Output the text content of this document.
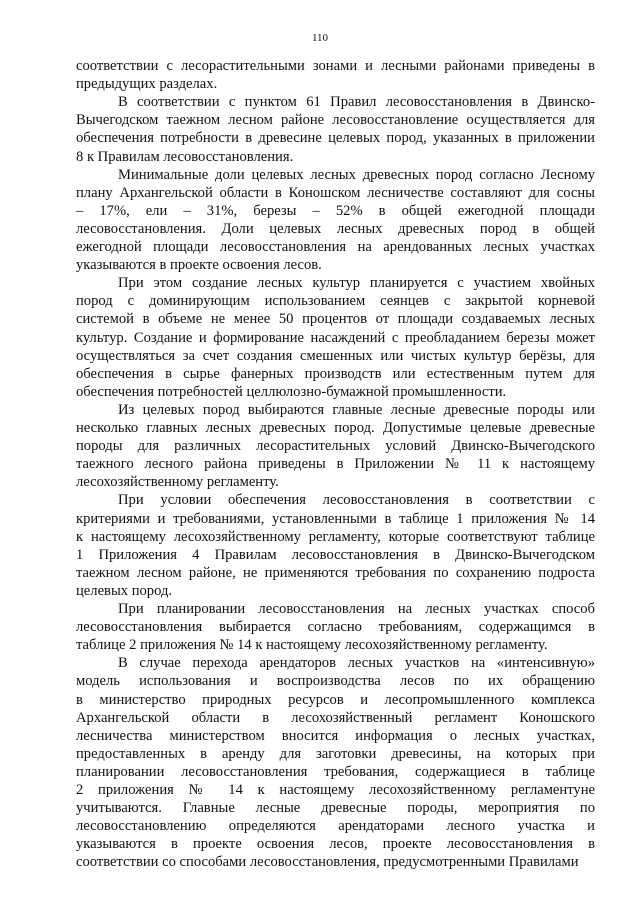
110
соответствии с лесорастительными зонами и лесными районами приведены в
предыдущих разделах.
В соответствии с пунктом 61 Правил лесовосстановления в Двинско-
Вычегодском таежном лесном районе лесовосстановление осуществляется для
обеспечения потребности в древесине целевых пород, указанных в приложении
8 к Правилам лесовосстановления.
Минимальные доли целевых лесных древесных пород согласно Лесному
плану Архангельской области в Коношском лесничестве составляют для сосны
– 17%, ели – 31%, березы – 52% в общей ежегодной площади
лесовосстановления. Доли целевых лесных древесных пород в общей
ежегодной площади лесовосстановления на арендованных лесных участках
указываются в проекте освоения лесов.
При этом создание лесных культур планируется с участием хвойных
пород с доминирующим использованием сеянцев с закрытой корневой
системой в объеме не менее 50 процентов от площади создаваемых лесных
культур. Создание и формирование насаждений с преобладанием березы может
осуществляться за счет создания смешенных или чистых культур берёзы, для
обеспечения в сырье фанерных производств или естественным путем для
обеспечения потребностей целлюлозно-бумажной промышленности.
Из целевых пород выбираются главные лесные древесные породы или
несколько главных лесных древесных пород. Допустимые целевые древесные
породы для различных лесорастительных условий Двинско-Вычегодского
таежного лесного района приведены в Приложении № 11 к настоящему
лесохозяйственному регламенту.
При условии обеспечения лесовосстановления в соответствии с
критериями и требованиями, установленными в таблице 1 приложения № 14
к настоящему лесохозяйственному регламенту, которые соответствуют таблице
1 Приложения 4 Правилам лесовосстановления в Двинско-Вычегодском
таежном лесном районе, не применяются требования по сохранению подроста
целевых пород.
При планировании лесовосстановления на лесных участках способ
лесовосстановления выбирается согласно требованиям, содержащимся в
таблице 2 приложения № 14 к настоящему лесохозяйственному регламенту.
В случае перехода арендаторов лесных участков на «интенсивную»
модель использования и воспроизводства лесов по их обращению
в министерство природных ресурсов и лесопромышленного комплекса
Архангельской области в лесохозяйственный регламент Коношского
лесничества министерством вносится информация о лесных участках,
предоставленных в аренду для заготовки древесины, на которых при
планировании лесовосстановления требования, содержащиеся в таблице
2 приложения № 14 к настоящему лесохозяйственному регламентуне
учитываются. Главные лесные древесные породы, мероприятия по
лесовосстановлению определяются арендаторами лесного участка и
указываются в проекте освоения лесов, проекте лесовосстановления в
соответствии со способами лесовосстановления, предусмотренными Правилами
